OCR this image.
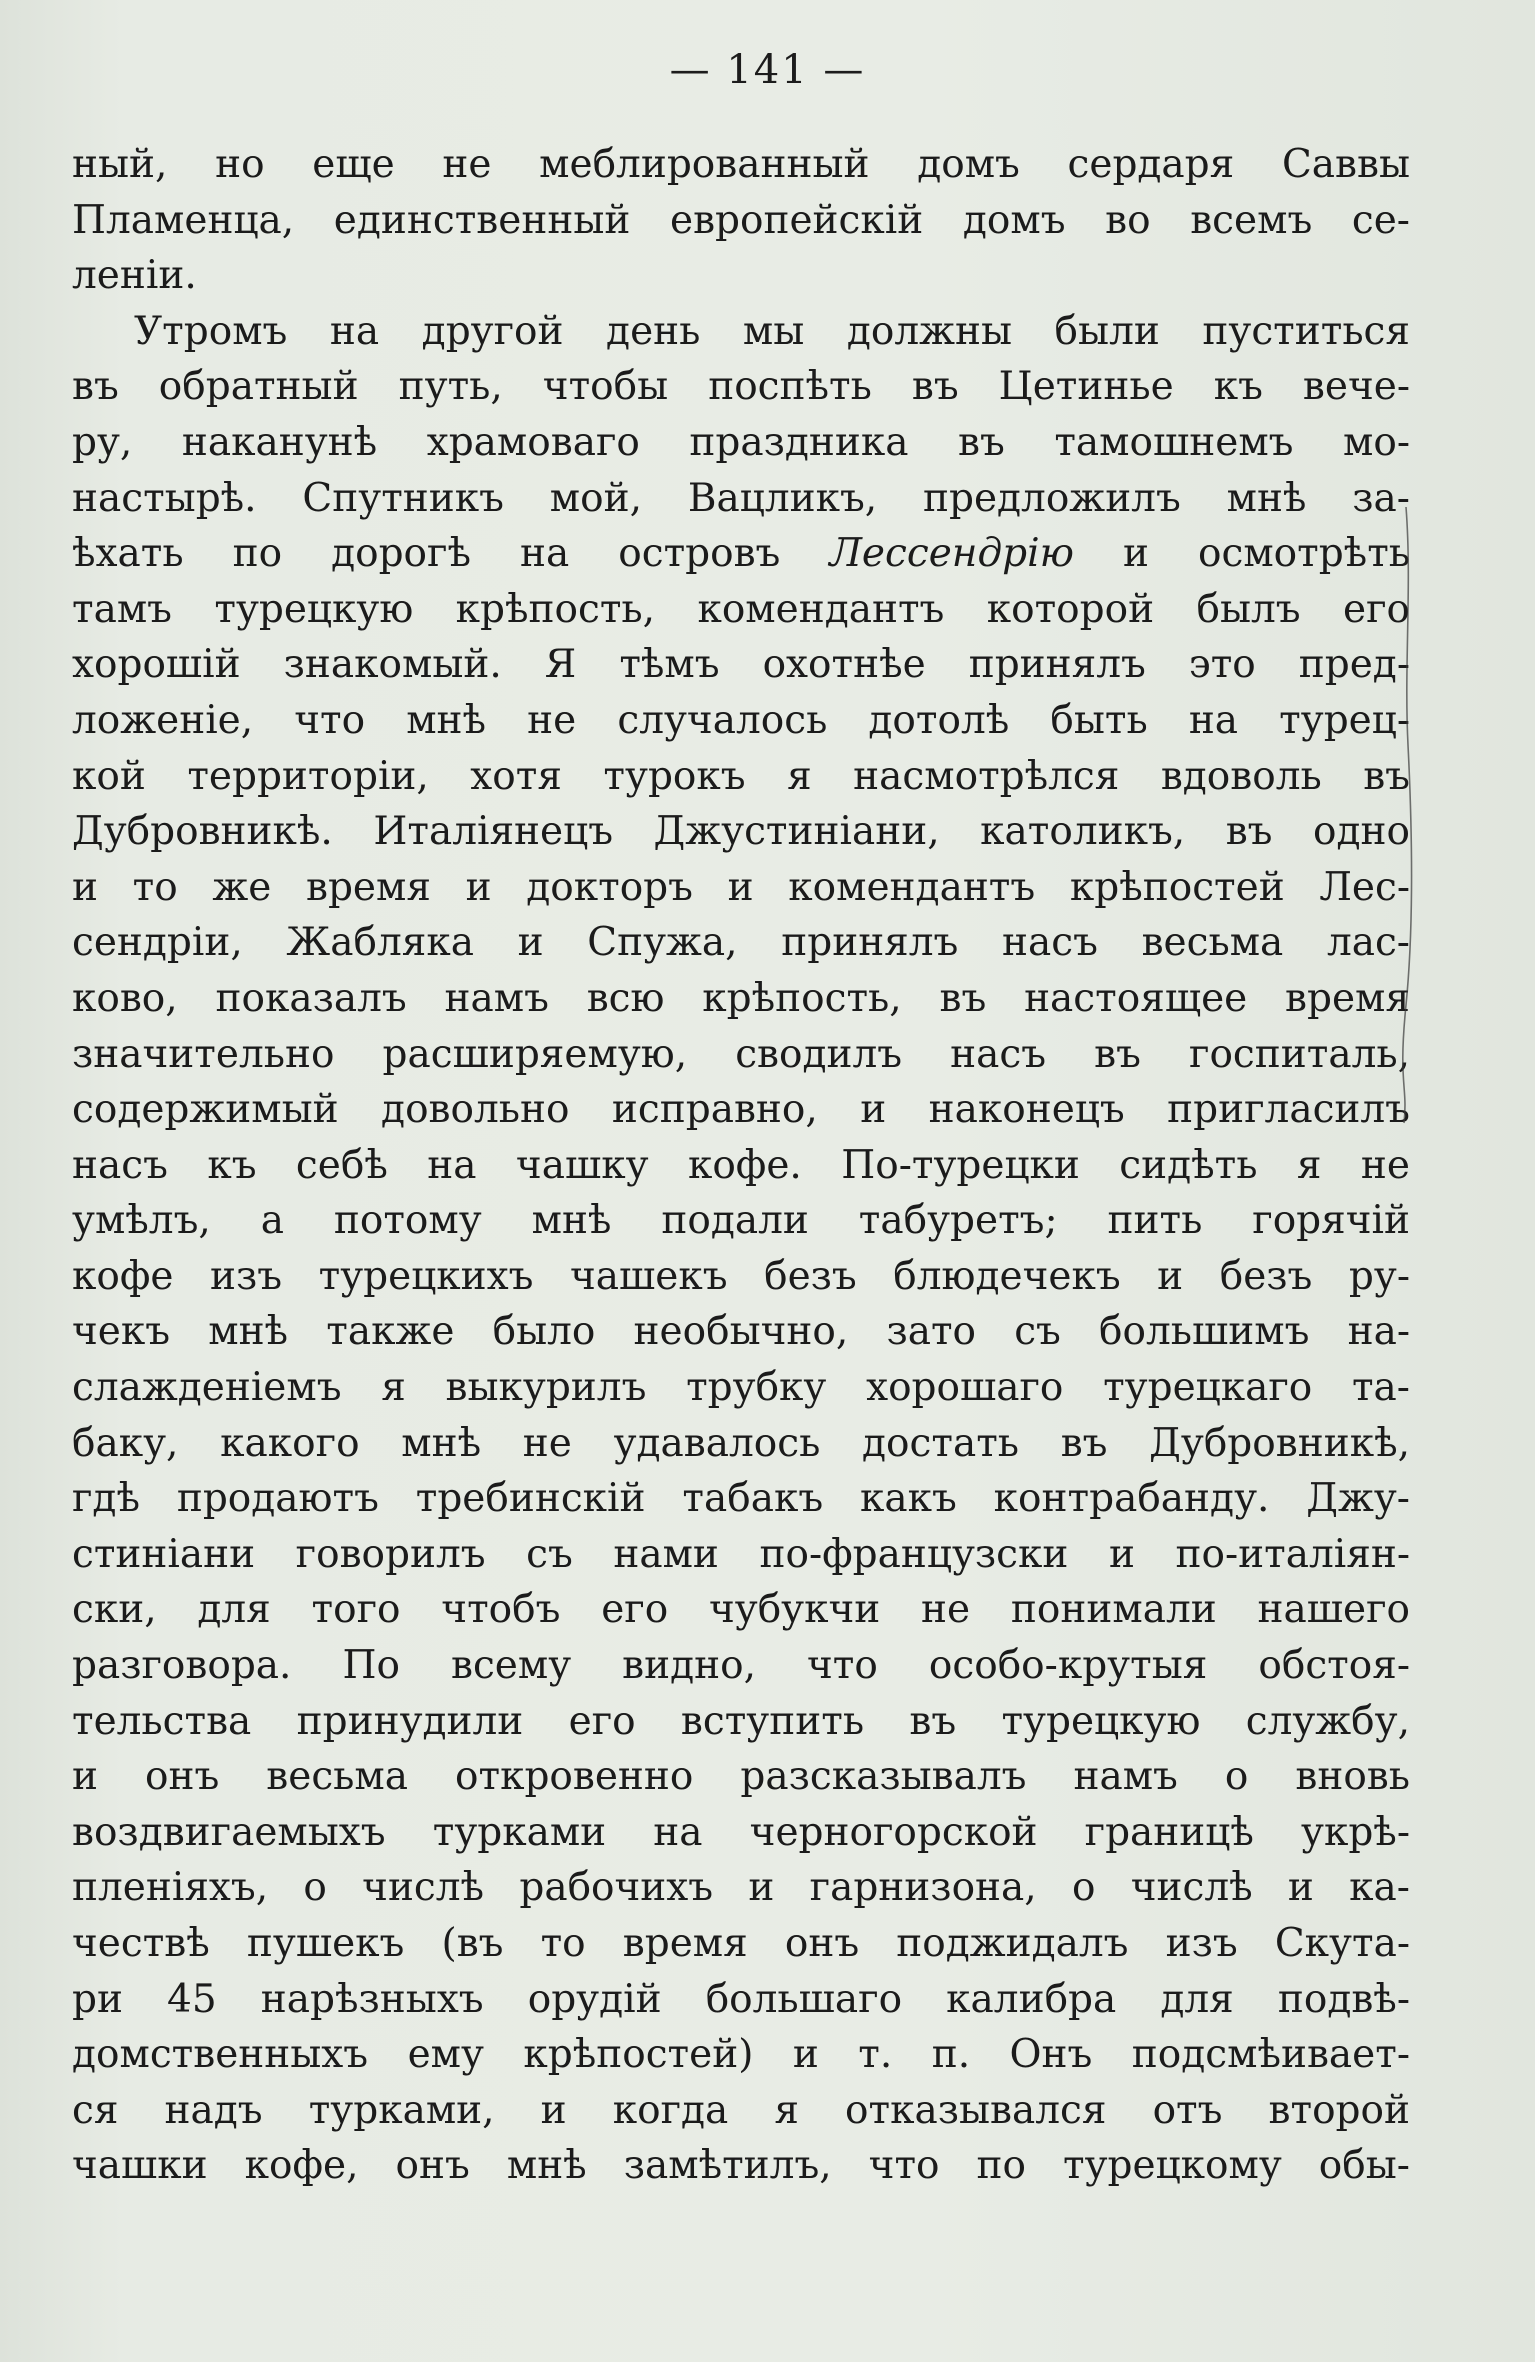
— 141 —
ный, но еще не меблированный домъ сердаря Саввы
Пламенца, единственный европейскій домъ во всемъ се-
леніи.
Утромъ на другой день мы должны были пуститься
въ обратный путь, чтобы поспѣть въ Цетинье къ вече-
ру, наканунѣ храмоваго праздника въ тамошнемъ мо-
настырѣ. Спутникъ мой, Вацликъ, предложилъ мнѣ за-
ѣхать по дорогѣ на островъ Лессендрію и осмотрѣть
тамъ турецкую крѣпость, комендантъ которой былъ его
хорошій знакомый. Я тѣмъ охотнѣе принялъ это пред-
ложеніе, что мнѣ не случалось дотолѣ быть на турец-
кой территоріи, хотя турокъ я насмотрѣлся вдоволь въ
Дубровникѣ. Италіянецъ Джустиніани, католикъ, въ одно
и то же время и докторъ и комендантъ крѣпостей Лес-
сендріи, Жабляка и Спужа, принялъ насъ весьма лас-
ково, показалъ намъ всю крѣпость, въ настоящее время
значительно расширяемую, сводилъ насъ въ госпиталь,
содержимый довольно исправно, и наконецъ пригласилъ
насъ къ себѣ на чашку кофе. По-турецки сидѣть я не
умѣлъ, а потому мнѣ подали табуретъ; пить горячій
кофе изъ турецкихъ чашекъ безъ блюдечекъ и безъ ру-
чекъ мнѣ также было необычно, зато съ большимъ на-
слажденіемъ я выкурилъ трубку хорошаго турецкаго та-
баку, какого мнѣ не удавалось достать въ Дубровникѣ,
гдѣ продаютъ требинскій табакъ какъ контрабанду. Джу-
стиніани говорилъ съ нами по-французски и по-италіян-
ски, для того чтобъ его чубукчи не понимали нашего
разговора. По всему видно, что особо-крутыя обстоя-
тельства принудили его вступить въ турецкую службу,
и онъ весьма откровенно разсказывалъ намъ о вновь
воздвигаемыхъ турками на черногорской границѣ укрѣ-
пленіяхъ, о числѣ рабочихъ и гарнизона, о числѣ и ка-
чествѣ пушекъ (въ то время онъ поджидалъ изъ Скута-
ри 45 нарѣзныхъ орудій большаго калибра для подвѣ-
домственныхъ ему крѣпостей) и т. п. Онъ подсмѣивает-
ся надъ турками, и когда я отказывался отъ второй
чашки кофе, онъ мнѣ замѣтилъ, что по турецкому обы-
